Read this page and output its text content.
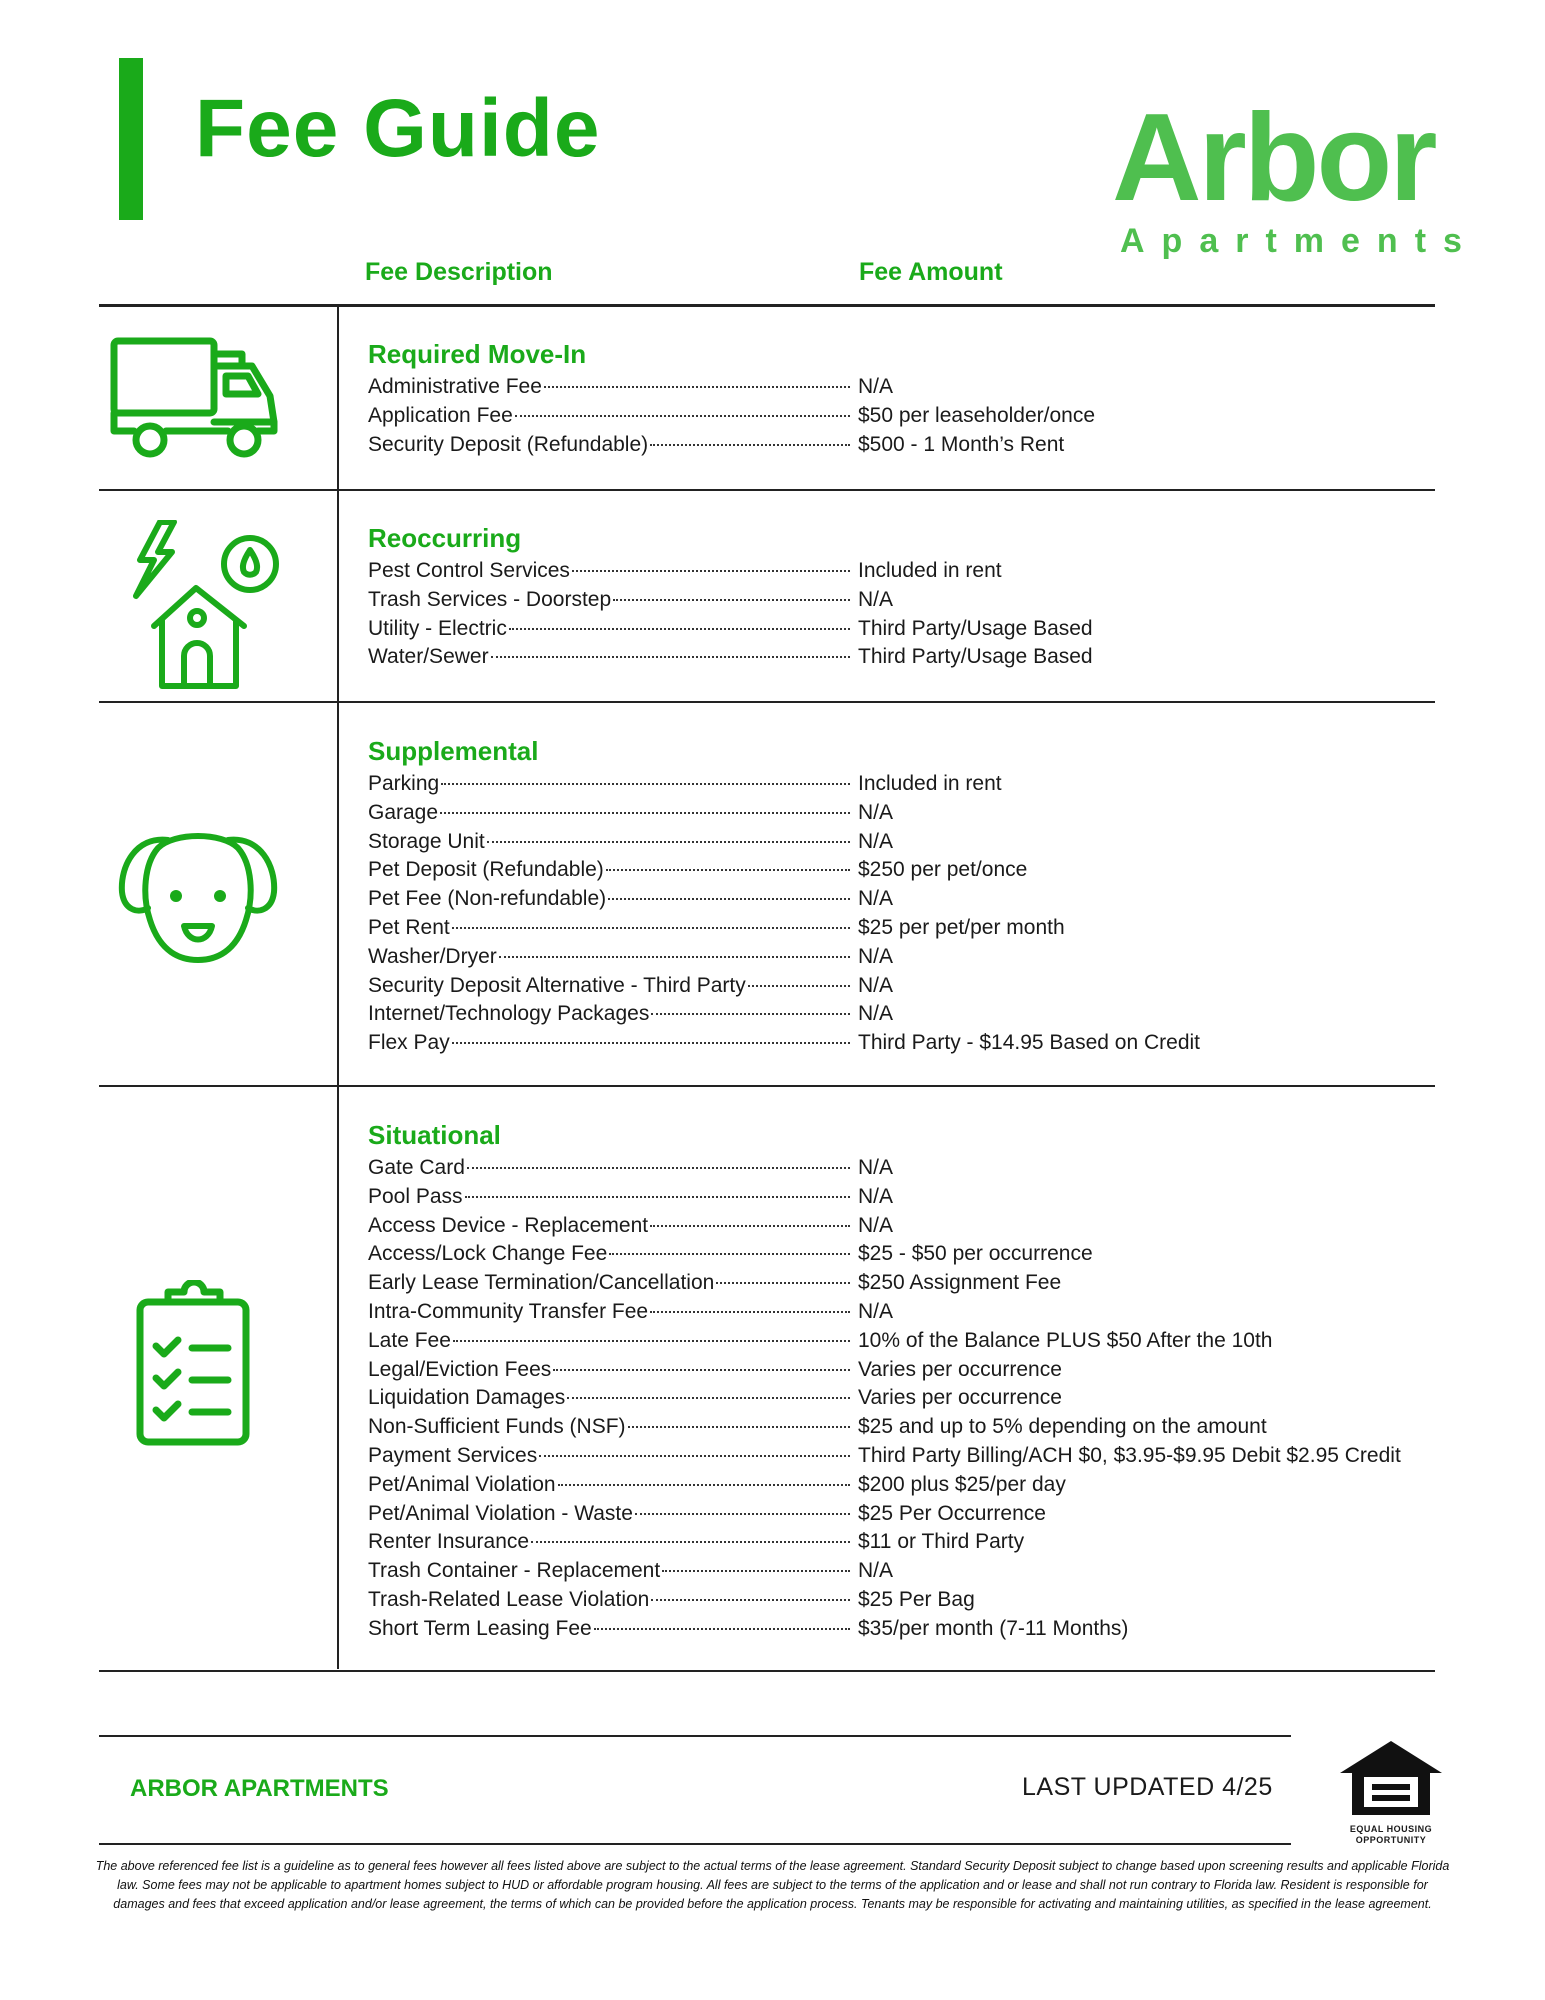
Fee Guide	Arbor
Apartments
Fee Description	Fee Amount
Required Move-In
Administrative Fee	N/A
Application Fee	$50 per leaseholder/once
Security Deposit (Refundable)	$500 - 1 Month’s Rent
Reoccurring
Pest Control Services	Included in rent
Trash Services - Doorstep	N/A
Utility - Electric	Third Party/Usage Based
Water/Sewer	Third Party/Usage Based
Supplemental
Parking	Included in rent
Garage	N/A
Storage Unit	N/A
Pet Deposit (Refundable)	$250 per pet/once
Pet Fee (Non-refundable)	N/A
Pet Rent	$25 per pet/per month
Washer/Dryer	N/A
Security Deposit Alternative - Third Party	N/A
Internet/Technology Packages	N/A
Flex Pay	Third Party - $14.95 Based on Credit
Situational
Gate Card	N/A
Pool Pass	N/A
Access Device - Replacement	N/A
Access/Lock Change Fee	$25 - $50 per occurrence
Early Lease Termination/Cancellation	$250 Assignment Fee
Intra-Community Transfer Fee	N/A
Late Fee	10% of the Balance PLUS $50 After the 10th
Legal/Eviction Fees	Varies per occurrence
Liquidation Damages	Varies per occurrence
Non-Sufficient Funds (NSF)	$25 and up to 5% depending on the amount
Payment Services	Third Party Billing/ACH $0, $3.95-$9.95 Debit $2.95 Credit
Pet/Animal Violation	$200 plus $25/per day
Pet/Animal Violation - Waste	$25 Per Occurrence
Renter Insurance	$11 or Third Party
Trash Container - Replacement	N/A
Trash-Related Lease Violation	$25 Per Bag
Short Term Leasing Fee	$35/per month (7-11 Months)
ARBOR APARTMENTS	LAST UPDATED 4/25
EQUAL HOUSING
OPPORTUNITY
The above referenced fee list is a guideline as to general fees however all fees listed above are subject to the actual terms of the lease agreement. Standard Security Deposit subject to change based upon screening results and applicable Florida
law. Some fees may not be applicable to apartment homes subject to HUD or affordable program housing. All fees are subject to the terms of the application and or lease and shall not run contrary to Florida law. Resident is responsible for
damages and fees that exceed application and/or lease agreement, the terms of which can be provided before the application process. Tenants may be responsible for activating and maintaining utilities, as specified in the lease agreement.
